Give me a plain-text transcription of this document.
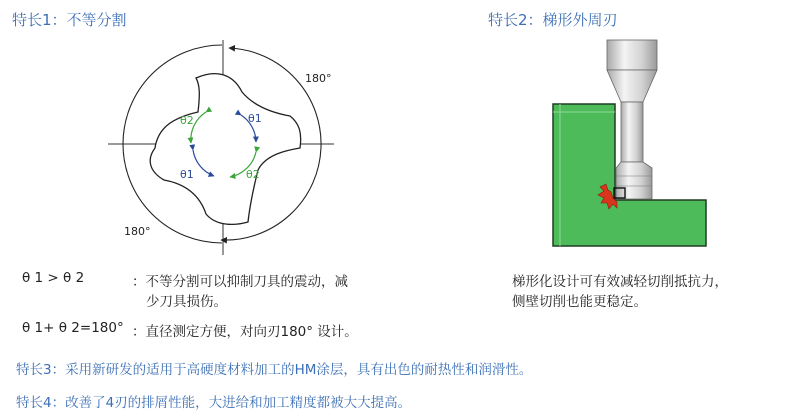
特长1：不等分割
180°
180°
θ2	θ1
θ1	θ2
θ 1 > θ 2	：不等分割可以抑制刀具的震动，减
少刀具损伤。
θ 1+ θ 2=180° ：直径测定方便，对向刃180° 设计。
特长2：梯形外周刃
梯形化设计可有效减轻切削抵抗力，
侧壁切削也能更稳定。
特长3：采用新研发的适用于高硬度材料加工的HM涂层，具有出色的耐热性和润滑性。
特长4：改善了4刃的排屑性能，大进给和加工精度都被大大提高。
